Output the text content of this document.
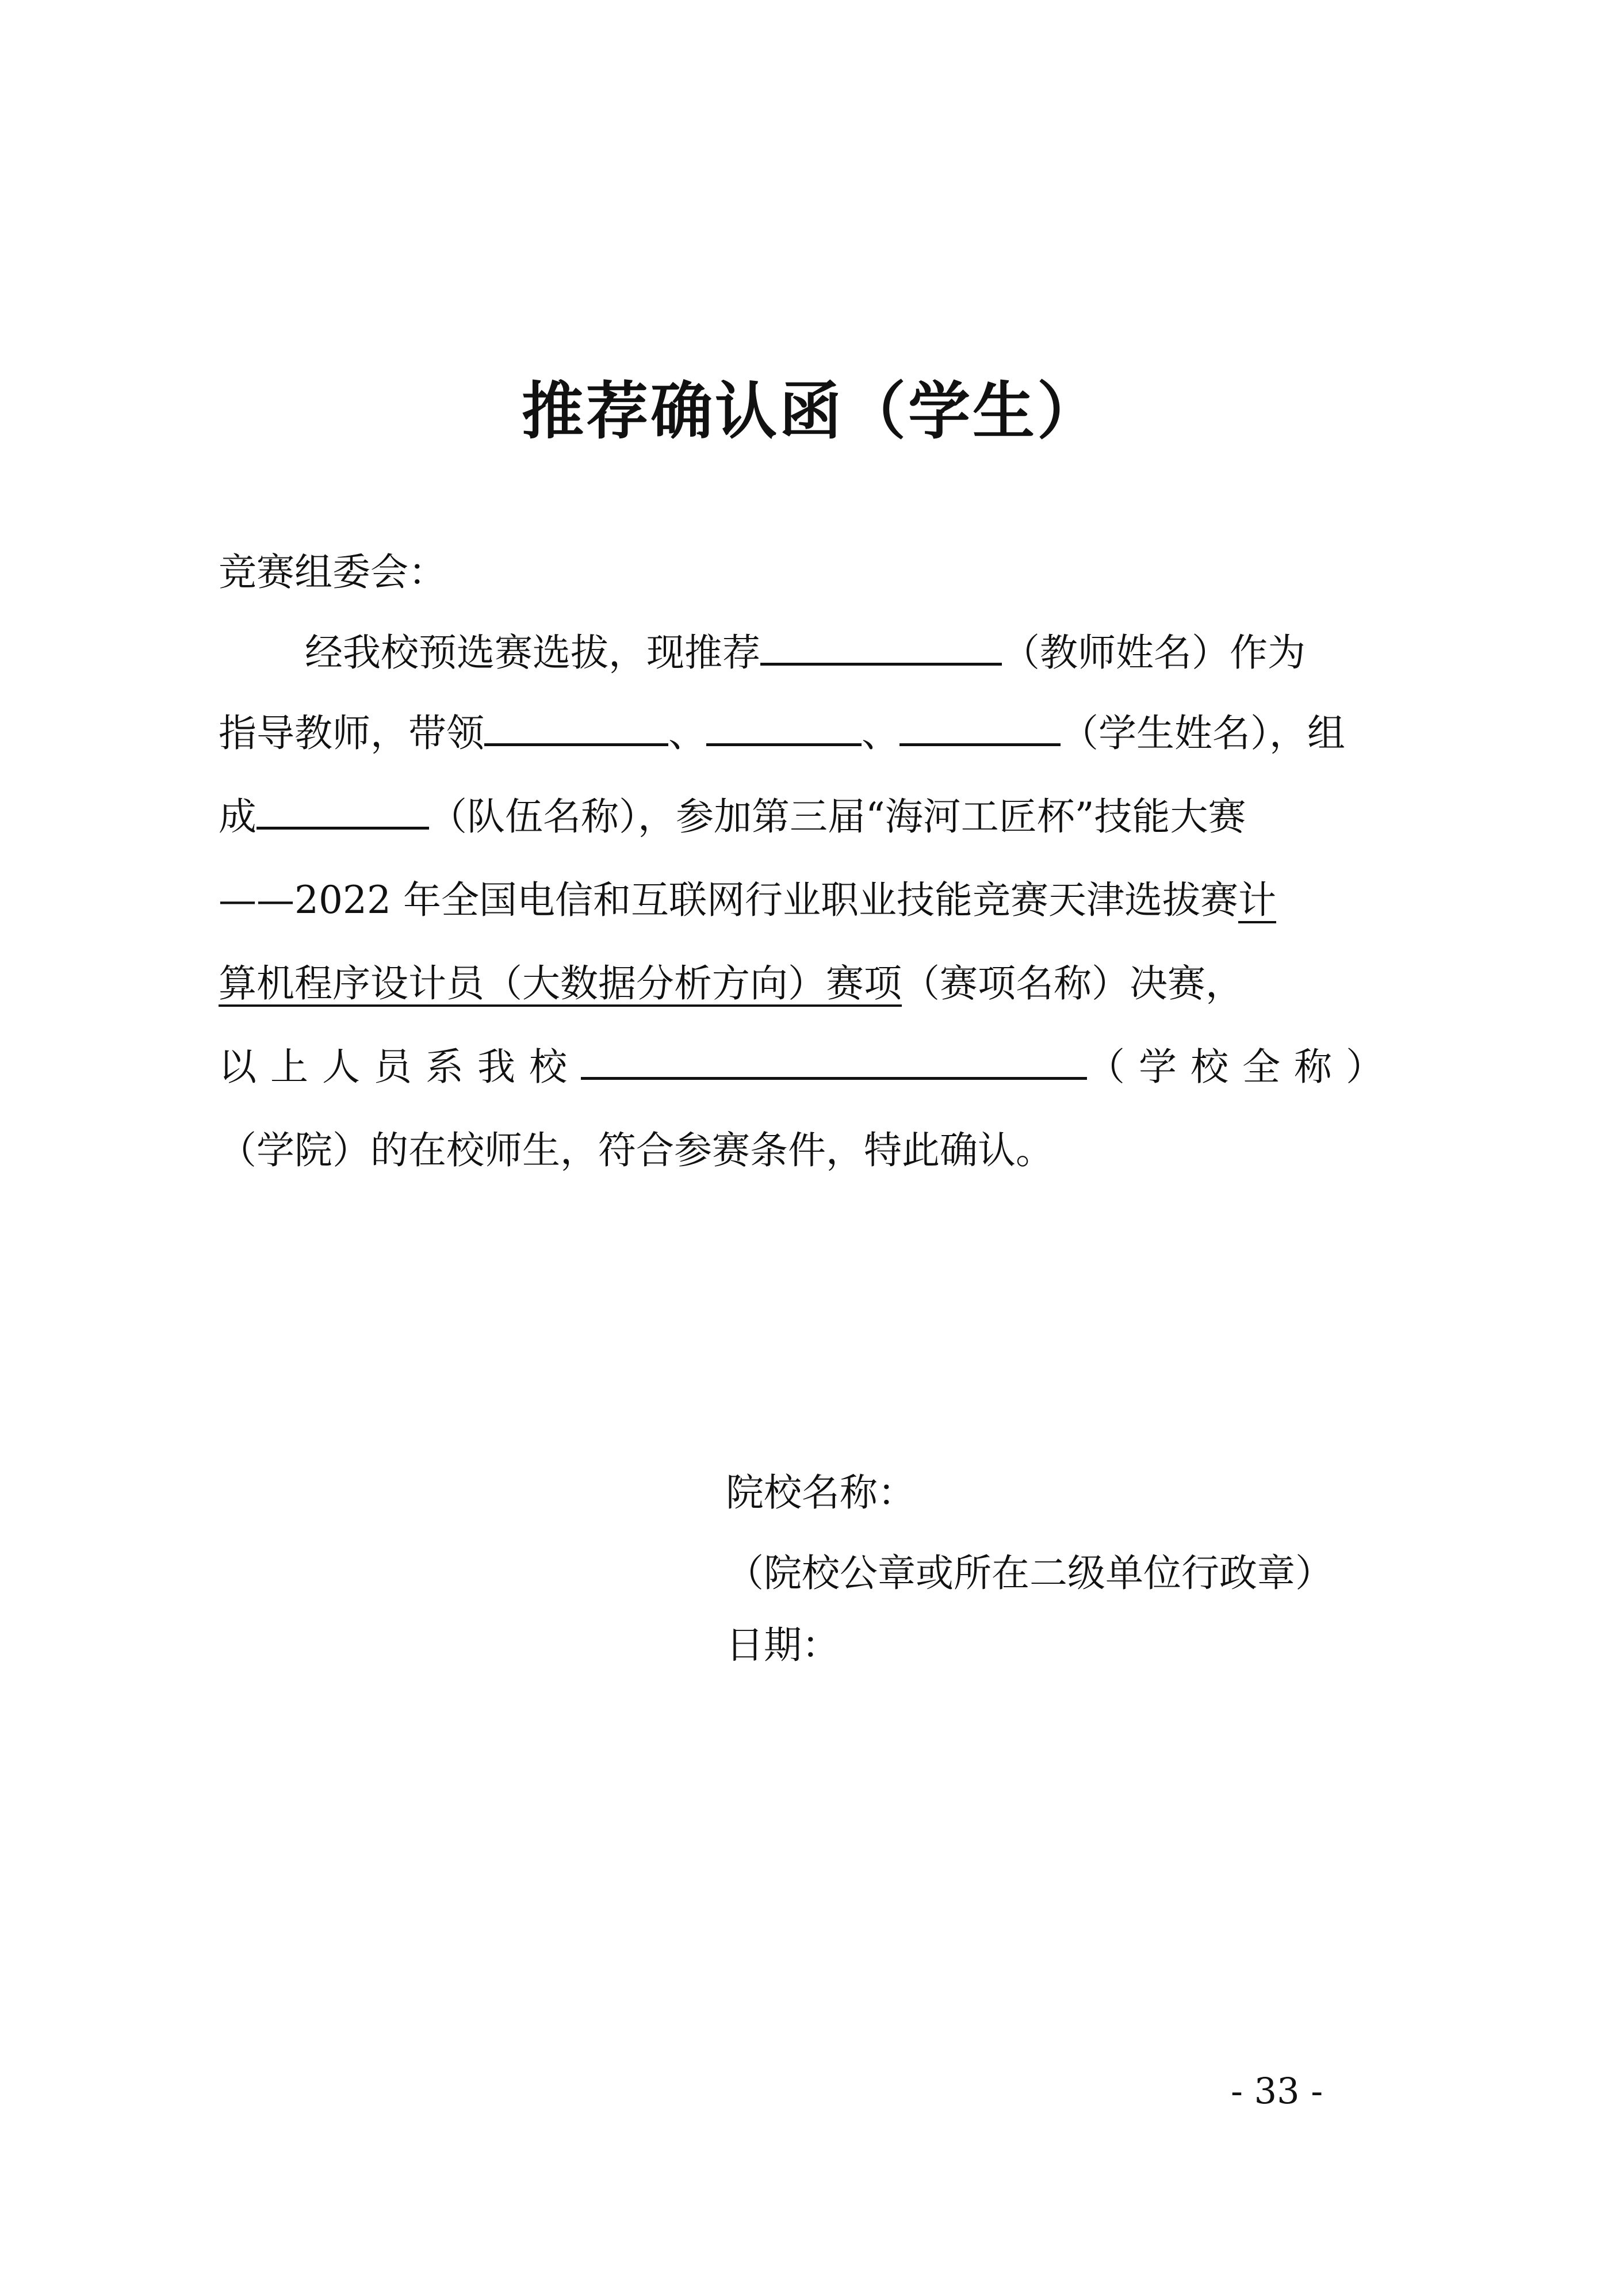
推荐确认函（学生）
竞赛组委会：
经我校预选赛选拔，现推荐	（教师姓名）作为
指导教师，带领	、	、	（学生姓名），组
成	（队伍名称），参加第三届“海河工匠杯”技能大赛
——2022 年全国电信和互联网行业职业技能竞赛天津选拔赛计
算机程序设计员（大数据分析方向）赛项（赛项名称）决赛，
以上人员系我校	（学校全称）
（学院）的在校师生，符合参赛条件，特此确认。
院校名称：
（院校公章或所在二级单位行政章）
日期：
- 33 -
